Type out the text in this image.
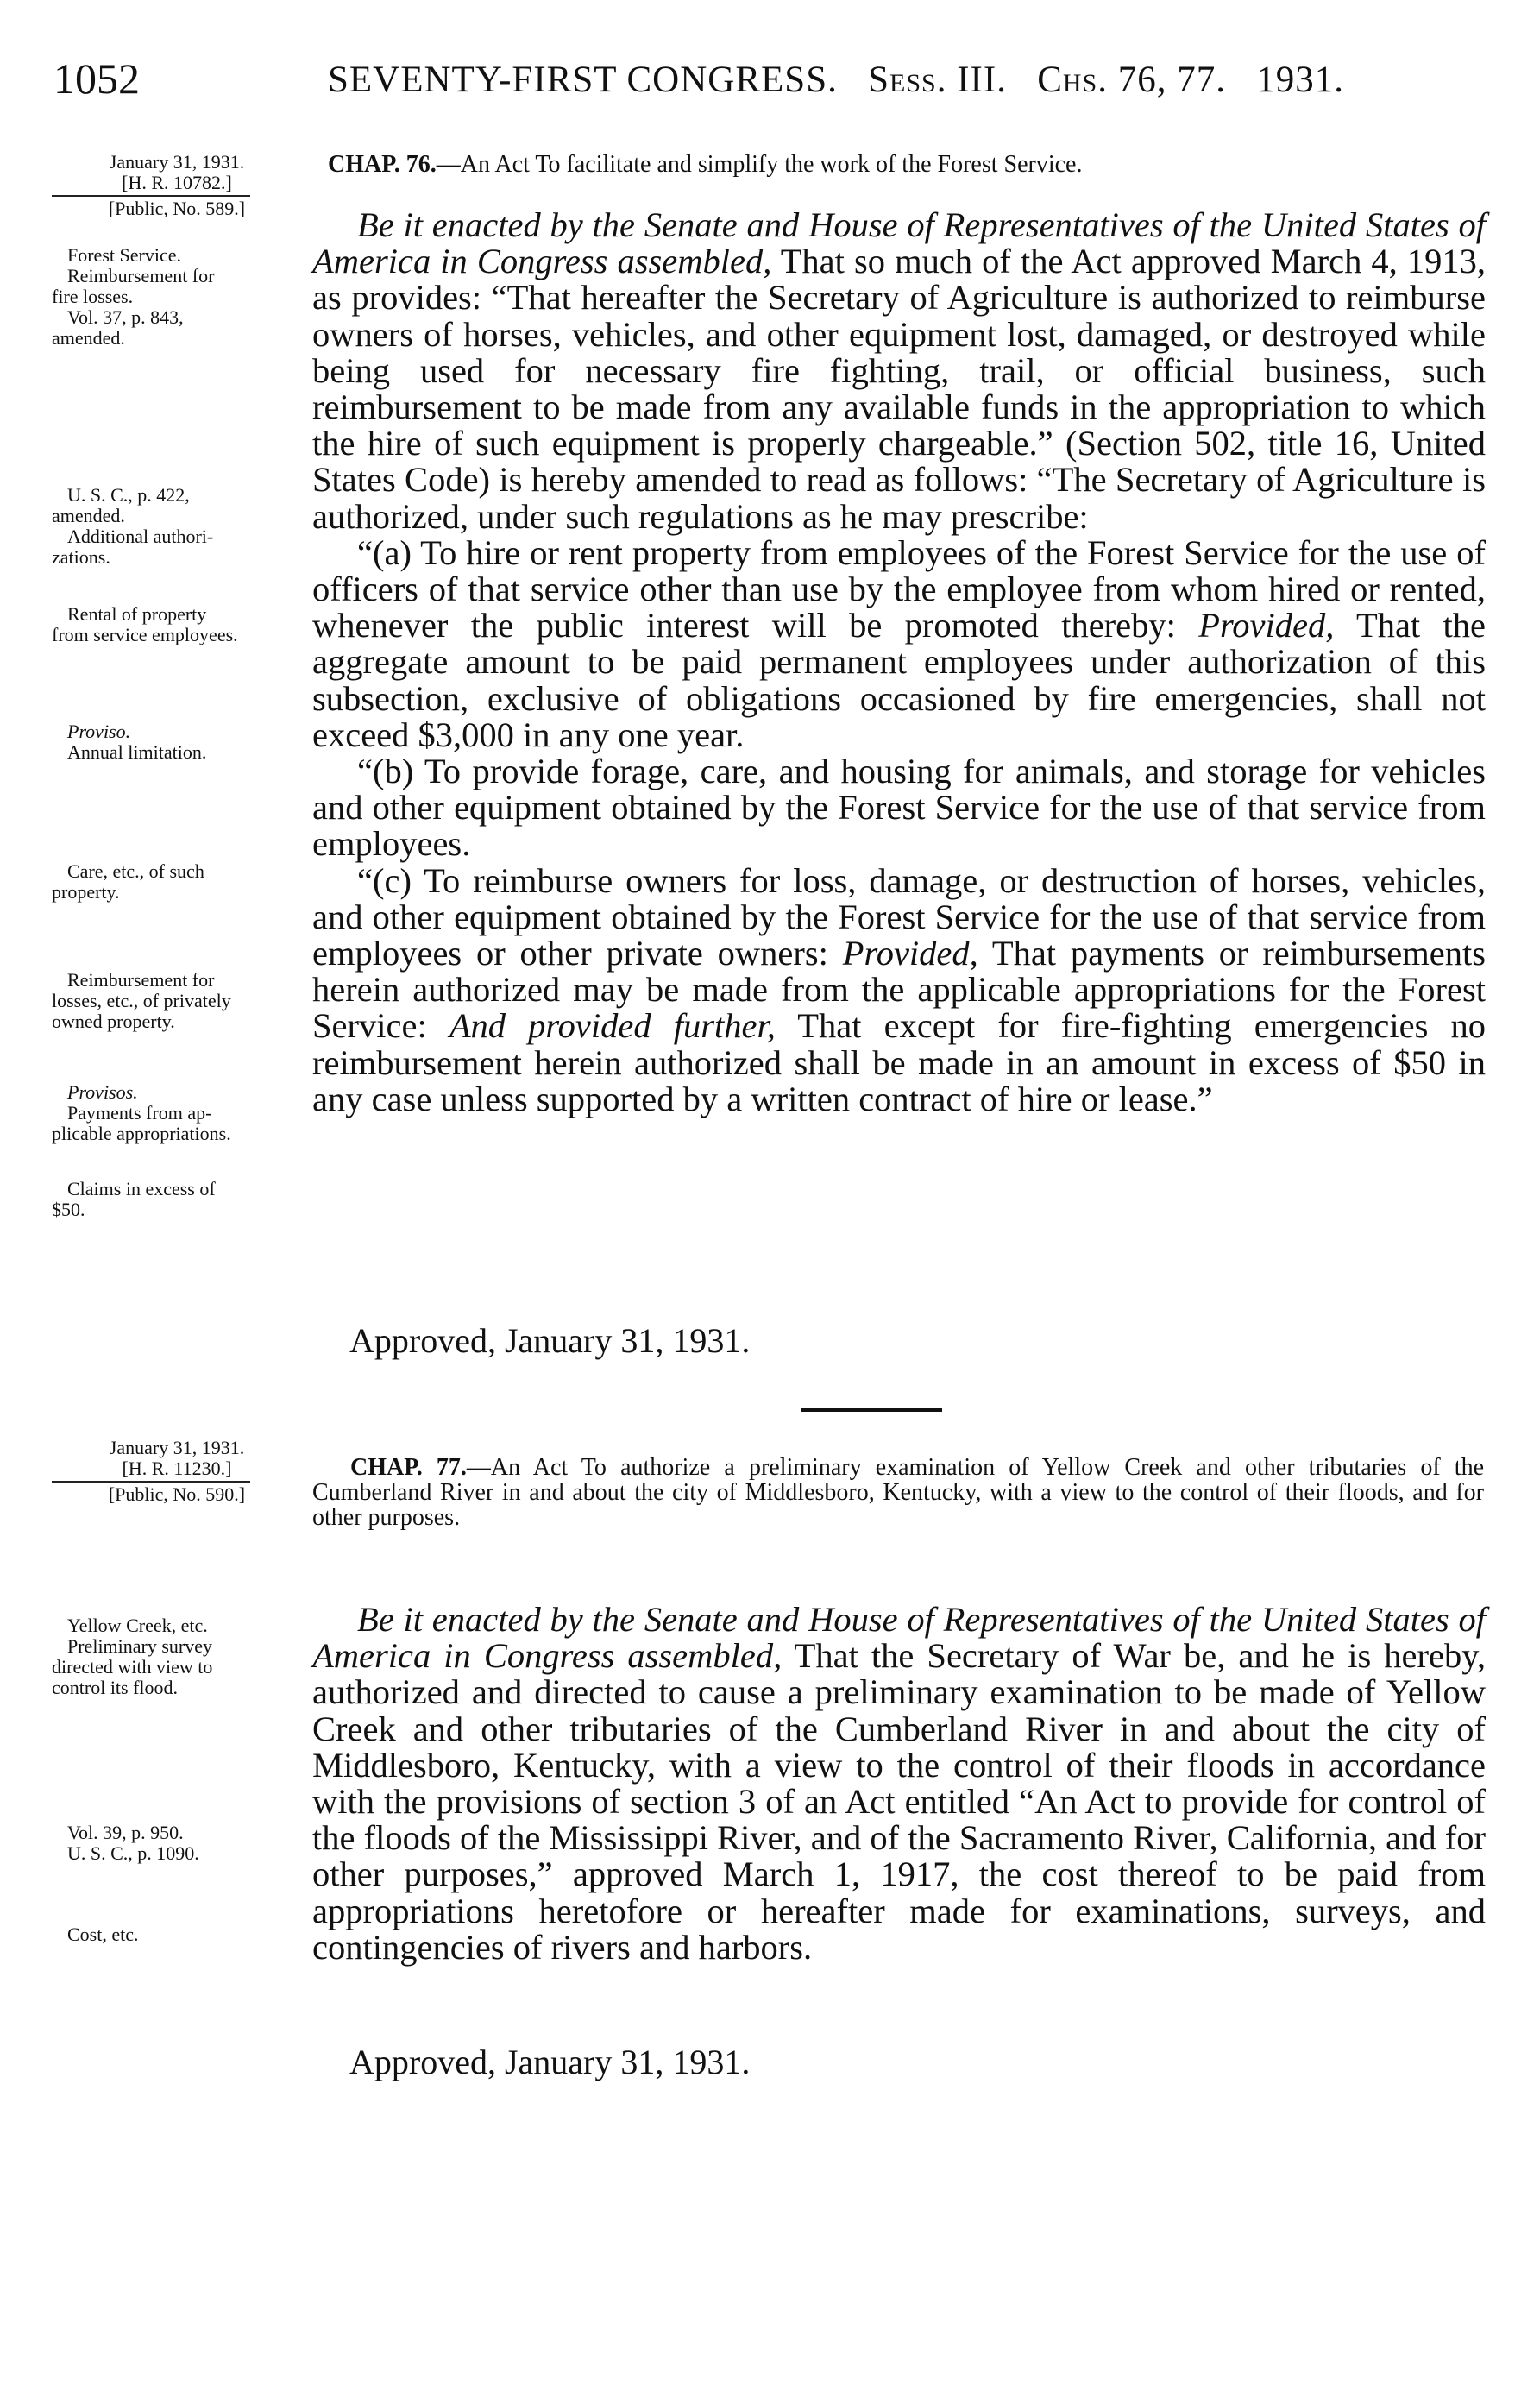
1052	SEVENTY-FIRST CONGRESS. Sess. III. Chs. 76, 77. 1931.
January 31, 1931.
[H. R. 10782.]
[Public, No. 589.]
Forest Service.
Reimbursement for
fire losses.
Vol. 37, p. 843,
amended.
U. S. C., p. 422,
amended.
Additional authori-
zations.
Rental of property
from service employees.
Proviso.
Annual limitation.
Care, etc., of such
property.
Reimbursement for
losses, etc., of privately
owned property.
Provisos.
Payments from ap-
plicable appropriations.
Claims in excess of
$50.
CHAP. 76.—An Act To facilitate and simplify the work of the Forest Service.

Be it enacted by the Senate and House of Representatives of the United States of America in Congress assembled, That so much of the Act approved March 4, 1913, as provides: “That hereafter the Secretary of Agriculture is authorized to reimburse owners of horses, vehicles, and other equipment lost, damaged, or destroyed while being used for necessary fire fighting, trail, or official business, such reimbursement to be made from any available funds in the appropriation to which the hire of such equipment is properly chargeable.” (Section 502, title 16, United States Code) is hereby amended to read as follows: “The Secretary of Agriculture is authorized, under such regulations as he may prescribe:

“(a) To hire or rent property from employees of the Forest Service for the use of officers of that service other than use by the employee from whom hired or rented, whenever the public interest will be promoted thereby: Provided, That the aggregate amount to be paid permanent employees under authorization of this subsection, exclusive of obligations occasioned by fire emergencies, shall not exceed $3,000 in any one year.

“(b) To provide forage, care, and housing for animals, and storage for vehicles and other equipment obtained by the Forest Service for the use of that service from employees.

“(c) To reimburse owners for loss, damage, or destruction of horses, vehicles, and other equipment obtained by the Forest Service for the use of that service from employees or other private owners: Provided, That payments or reimbursements herein authorized may be made from the applicable appropriations for the Forest Service: And provided further, That except for fire-fighting emergencies no reimbursement herein authorized shall be made in an amount in excess of $50 in any case unless supported by a written contract of hire or lease.”

Approved, January 31, 1931.
January 31, 1931.
[H. R. 11230.]
[Public, No. 590.]
Yellow Creek, etc.
Preliminary survey
directed with view to
control its flood.
Vol. 39, p. 950.
U. S. C., p. 1090.
Cost, etc.
CHAP. 77.—An Act To authorize a preliminary examination of Yellow Creek and other tributaries of the Cumberland River in and about the city of Middlesboro, Kentucky, with a view to the control of their floods, and for other purposes.

Be it enacted by the Senate and House of Representatives of the United States of America in Congress assembled, That the Secretary of War be, and he is hereby, authorized and directed to cause a preliminary examination to be made of Yellow Creek and other tributaries of the Cumberland River in and about the city of Middlesboro, Kentucky, with a view to the control of their floods in accordance with the provisions of section 3 of an Act entitled “An Act to provide for control of the floods of the Mississippi River, and of the Sacramento River, California, and for other purposes,” approved March 1, 1917, the cost thereof to be paid from appropriations heretofore or hereafter made for examinations, surveys, and contingencies of rivers and harbors.

Approved, January 31, 1931.
